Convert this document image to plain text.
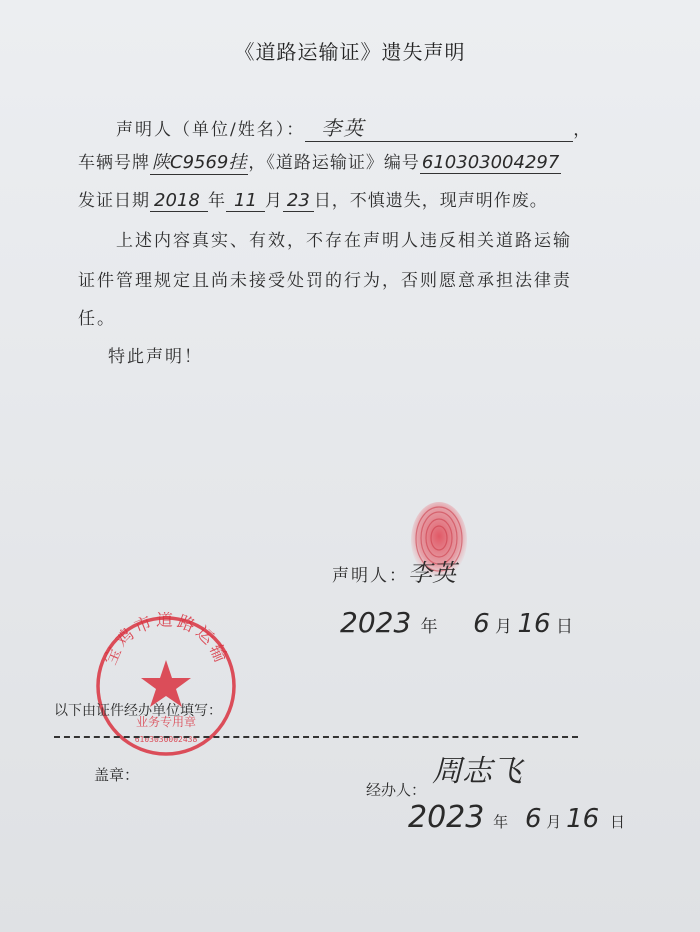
《道路运输证》遗失声明
声明人（单位/姓名）： 李英	，
车辆号牌 陕C9569挂 ，《道路运输证》编号 610303004297
发证日期 2018 年 11 月 23 日，不慎遗失，现声明作废。
上述内容真实、有效，不存在声明人违反相关道路运输
证件管理规定且尚未接受处罚的行为，否则愿意承担法律责
任。
特此声明！
声明人：李英
2023 年 6 月 16 日
宝鸡市道路运输
业务专用章
6103030002438
以下由证件经办单位填写：
盖章：
经办人：周志飞
2023 年 6 月 16 日
